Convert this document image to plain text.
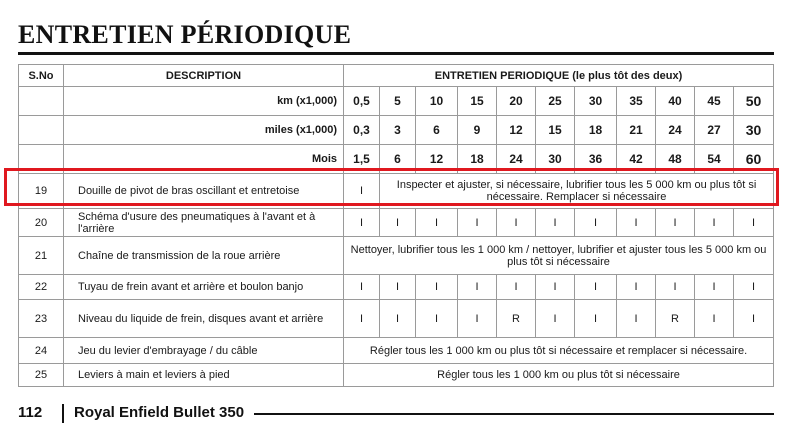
ENTRETIEN PÉRIODIQUE
S.No	DESCRIPTION	ENTRETIEN PERIODIQUE (le plus tôt des deux)										
	km (x1,000)	0,5	5	10	15	20	25	30	35	40	45	50
	miles (x1,000)	0,3	3	6	9	12	15	18	21	24	27	30
	Mois	1,5	6	12	18	24	30	36	42	48	54	60
19	Douille de pivot de bras oscillant et entretoise	I	Inspecter et ajuster, si nécessaire, lubrifier tous les 5 000 km ou plus tôt si nécessaire. Remplacer si nécessaire									
20	Schéma d'usure des pneumatiques à l'avant et à l'arrière	I	I	I	I	I	I	I	I	I	I	I
21	Chaîne de transmission de la roue arrière	Nettoyer, lubrifier tous les 1 000 km / nettoyer, lubrifier et ajuster tous les 5 000 km ou plus tôt si nécessaire										
22	Tuyau de frein avant et arrière et boulon banjo	I	I	I	I	I	I	I	I	I	I	I
23	Niveau du liquide de frein, disques avant et arrière	I	I	I	I	R	I	I	I	R	I	I
24	Jeu du levier d'embrayage / du câble	Régler tous les 1 000 km ou plus tôt si nécessaire et remplacer si nécessaire.										
25	Leviers à main et leviers à pied	Régler tous les 1 000 km ou plus tôt si nécessaire										
112 Royal Enfield Bullet 350
